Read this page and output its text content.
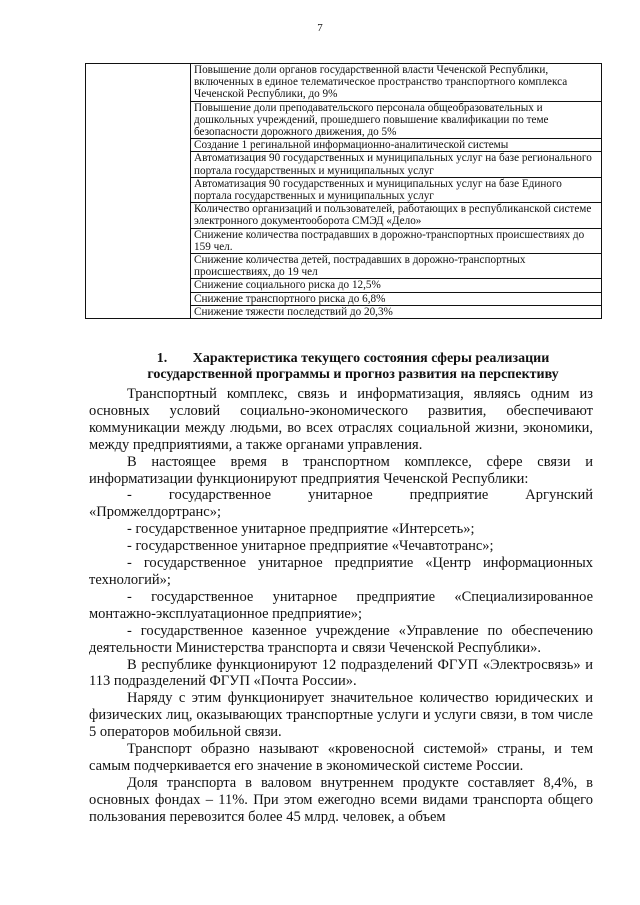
7
	Повышение доли органов государственной власти Чеченской Республики, включенных в единое телематическое пространство транспортного комплекса Чеченской Республики, до 9%
Повышение доли преподавательского персонала общеобразовательных и дошкольных учреждений, прошедшего повышение квалификации по теме безопасности дорожного движения, до 5%
Создание 1 регинальной информационно-аналитической системы
Автоматизация 90 государственных и муниципальных услуг на базе регионального портала государственных и муниципальных услуг
Автоматизация 90 государственных и муниципальных услуг на базе Единого портала государственных и муниципальных услуг
Количество организаций и пользователей, работающих в республиканской системе электронного документооборота СМЭД «Дело»
Снижение количества пострадавших в дорожно-транспортных происшествиях до 159 чел.
Снижение количества детей, пострадавших в дорожно-транспортных происшествиях, до 19 чел
Снижение социального риска до 12,5%
Снижение транспортного риска до 6,8%
Снижение тяжести последствий до 20,3%
1. Характеристика текущего состояния сферы реализации государственной программы и прогноз развития на перспективу

Транспортный комплекс, связь и информатизация, являясь одним из основных условий социально-экономического развития, обеспечивают коммуникации между людьми, во всех отраслях социальной жизни, экономики, между предприятиями, а также органами управления.

В настоящее время в транспортном комплексе, сфере связи и информатизации функционируют предприятия Чеченской Республики:

- государственное унитарное предприятие Аргунский «Промжелдортранс»;

- государственное унитарное предприятие «Интерсеть»;

- государственное унитарное предприятие «Чечавтотранс»;

- государственное унитарное предприятие «Центр информационных технологий»;

- государственное унитарное предприятие «Специализированное монтажно-эксплуатационное предприятие»;

- государственное казенное учреждение «Управление по обеспечению деятельности Министерства транспорта и связи Чеченской Республики».

В республике функционируют 12 подразделений ФГУП «Электросвязь» и 113 подразделений ФГУП «Почта России».

Наряду с этим функционирует значительное количество юридических и физических лиц, оказывающих транспортные услуги и услуги связи, в том числе 5 операторов мобильной связи.

Транспорт образно называют «кровеносной системой» страны, и тем самым подчеркивается его значение в экономической системе России.

Доля транспорта в валовом внутреннем продукте составляет 8,4%, в основных фондах – 11%. При этом ежегодно всеми видами транспорта общего пользования перевозится более 45 млрд. человек, а объем
